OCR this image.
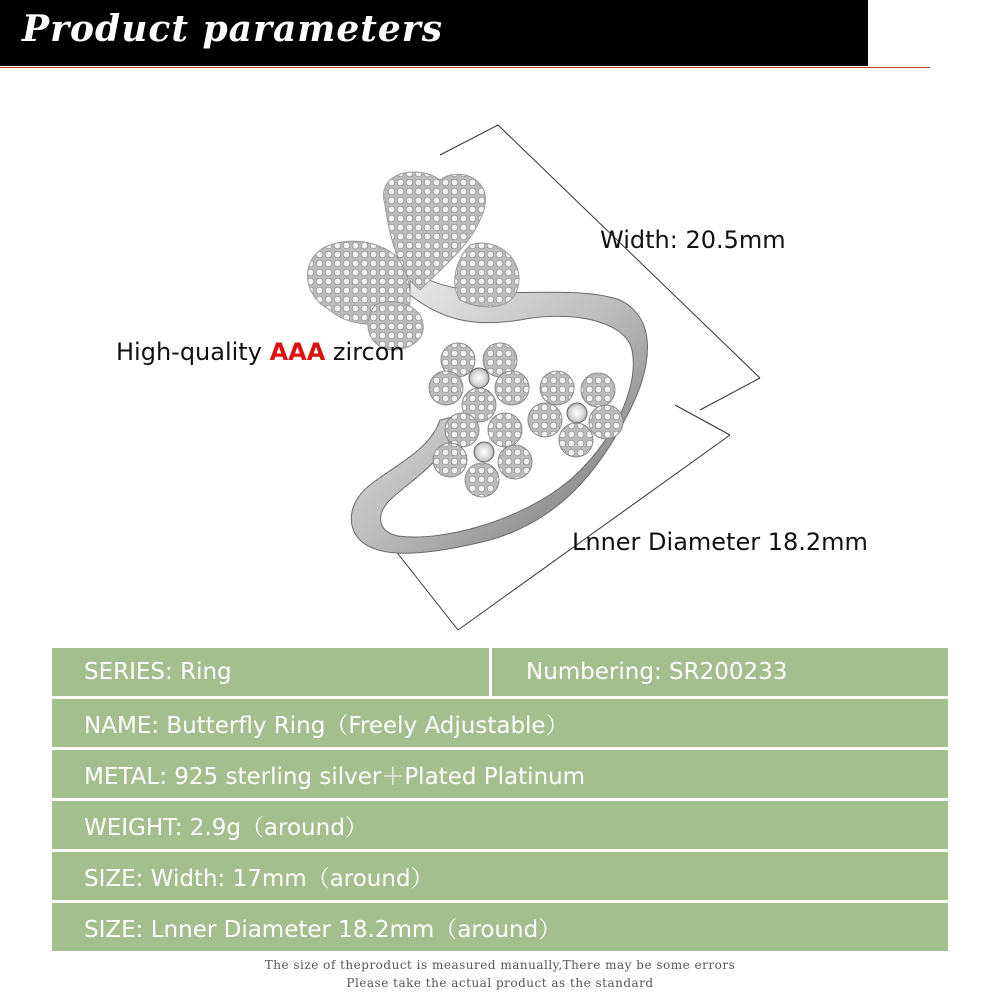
Product parameters
Width: 20.5mm
High-quality AAA zircon
Lnner Diameter 18.2mm
SERIES: Ring	Numbering: SR200233
NAME: Butterfly Ring（Freely Adjustable）
METAL: 925 sterling silver＋Plated Platinum
WEIGHT: 2.9g（around）
SIZE: Width: 17mm（around）
SIZE: Lnner Diameter 18.2mm（around）
The size of theproduct is measured manually,There may be some errors
Please take the actual product as the standard
